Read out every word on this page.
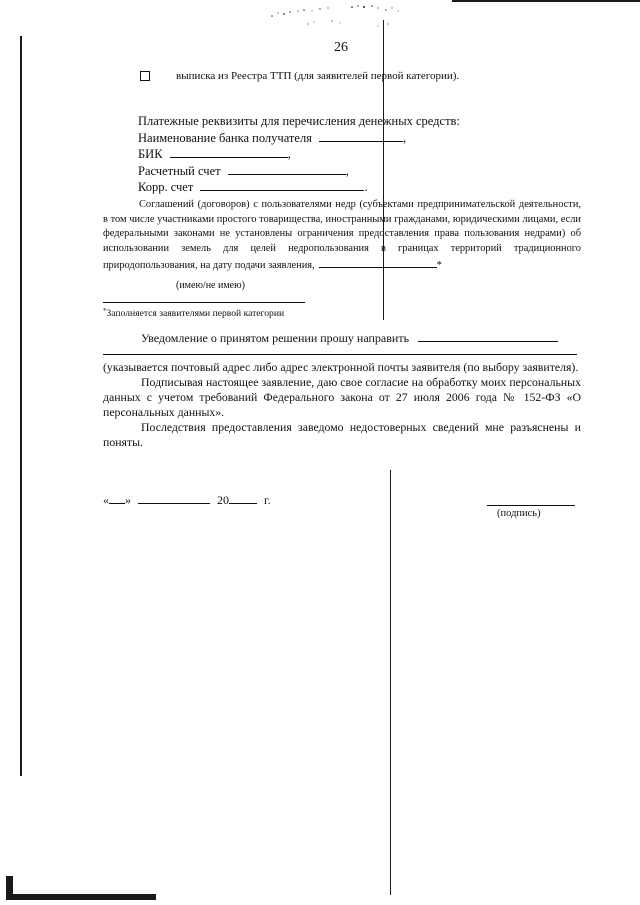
26
выписка из Реестра ТТП (для заявителей первой категории).
Платежные реквизиты для перечисления денежных средств:
Наименование банка получателя	,
БИК	,
Расчетный счет	,
Корр. счет	.

Соглашений (договоров) с пользователями недр (субъектами предпринимательской деятельности, в том числе участниками простого товарищества, иностранными гражданами, юридическими лицами, если федеральными законами не установлены ограничения предоставления права пользования недрами) об использовании земель для целей недропользования в границах территорий традиционного природопользования, на дату подачи заявления,	*

(имею/не имею)
*Заполняется заявителями первой категории
Уведомление о принятом решении прошу направить

(указывается почтовый адрес либо адрес электронной почты заявителя (по выбору заявителя).

Подписывая настоящее заявление, даю свое согласие на обработку моих персональных данных с учетом требований Федерального закона от 27 июля 2006 года № 152-ФЗ «О персональных данных».

Последствия предоставления заведомо недостоверных сведений мне разъяснены и поняты.

« »	20	г.
(подпись)
